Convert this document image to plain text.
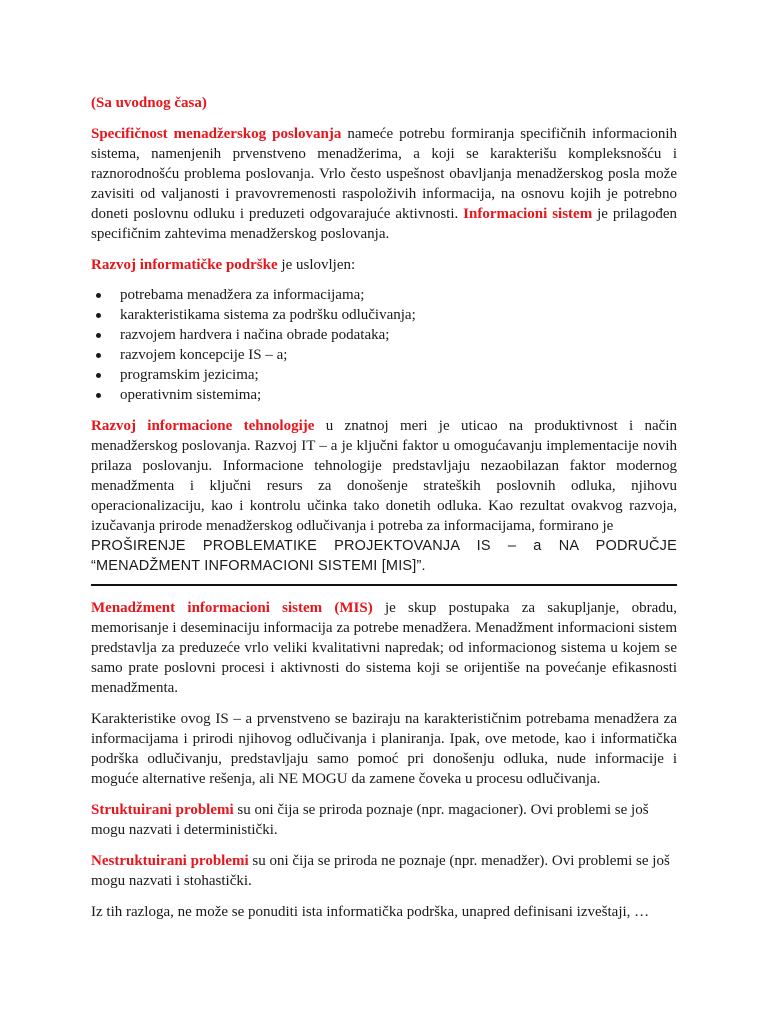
(Sa uvodnog časa)

Specifičnost menadžerskog poslovanja nameće potrebu formiranja specifičnih informacionih sistema, namenjenih prvenstveno menadžerima, a koji se karakterišu kompleksnošću i raznorodnošću problema poslovanja. Vrlo često uspešnost obavljanja menadžerskog posla može zavisiti od valjanosti i pravovremenosti raspoloživih informacija, na osnovu kojih je potrebno doneti poslovnu odluku i preduzeti odgovarajuće aktivnosti. Informacioni sistem je prilagođen specifičnim zahtevima menadžerskog poslovanja.

Razvoj informatičke podrške je uslovljen:

potrebama menadžera za informacijama;
karakteristikama sistema za podršku odlučivanja;
razvojem hardvera i načina obrade podataka;
razvojem koncepcije IS – a;
programskim jezicima;
operativnim sistemima;

Razvoj informacione tehnologije u znatnoj meri je uticao na produktivnost i način menadžerskog poslovanja. Razvoj IT – a je ključni faktor u omogućavanju implementacije novih prilaza poslovanju. Informacione tehnologije predstavljaju nezaobilazan faktor modernog menadžmenta i ključni resurs za donošenje strateških poslovnih odluka, njihovu operacionalizaciju, kao i kontrolu učinka tako donetih odluka. Kao rezultat ovakvog razvoja, izučavanja prirode menadžerskog odlučivanja i potreba za informacijama, formirano je

PROŠIRENJE PROBLEMATIKE PROJEKTOVANJA IS – a NA PODRUČJE

“MENADŽMENT INFORMACIONI SISTEMI [MIS]”.

Menadžment informacioni sistem (MIS) je skup postupaka za sakupljanje, obradu, memorisanje i deseminaciju informacija za potrebe menadžera. Menadžment informacioni sistem predstavlja za preduzeće vrlo veliki kvalitativni napredak; od informacionog sistema u kojem se samo prate poslovni procesi i aktivnosti do sistema koji se orijentiše na povećanje efikasnosti menadžmenta.

Karakteristike ovog IS – a prvenstveno se baziraju na karakterističnim potrebama menadžera za informacijama i prirodi njihovog odlučivanja i planiranja. Ipak, ove metode, kao i informatička podrška odlučivanju, predstavljaju samo pomoć pri donošenju odluka, nude informacije i moguće alternative rešenja, ali NE MOGU da zamene čoveka u procesu odlučivanja.

Struktuirani problemi su oni čija se priroda poznaje (npr. magacioner). Ovi problemi se još mogu nazvati i deterministički.

Nestruktuirani problemi su oni čija se priroda ne poznaje (npr. menadžer). Ovi problemi se još mogu nazvati i stohastički.

Iz tih razloga, ne može se ponuditi ista informatička podrška, unapred definisani izveštaji, …
